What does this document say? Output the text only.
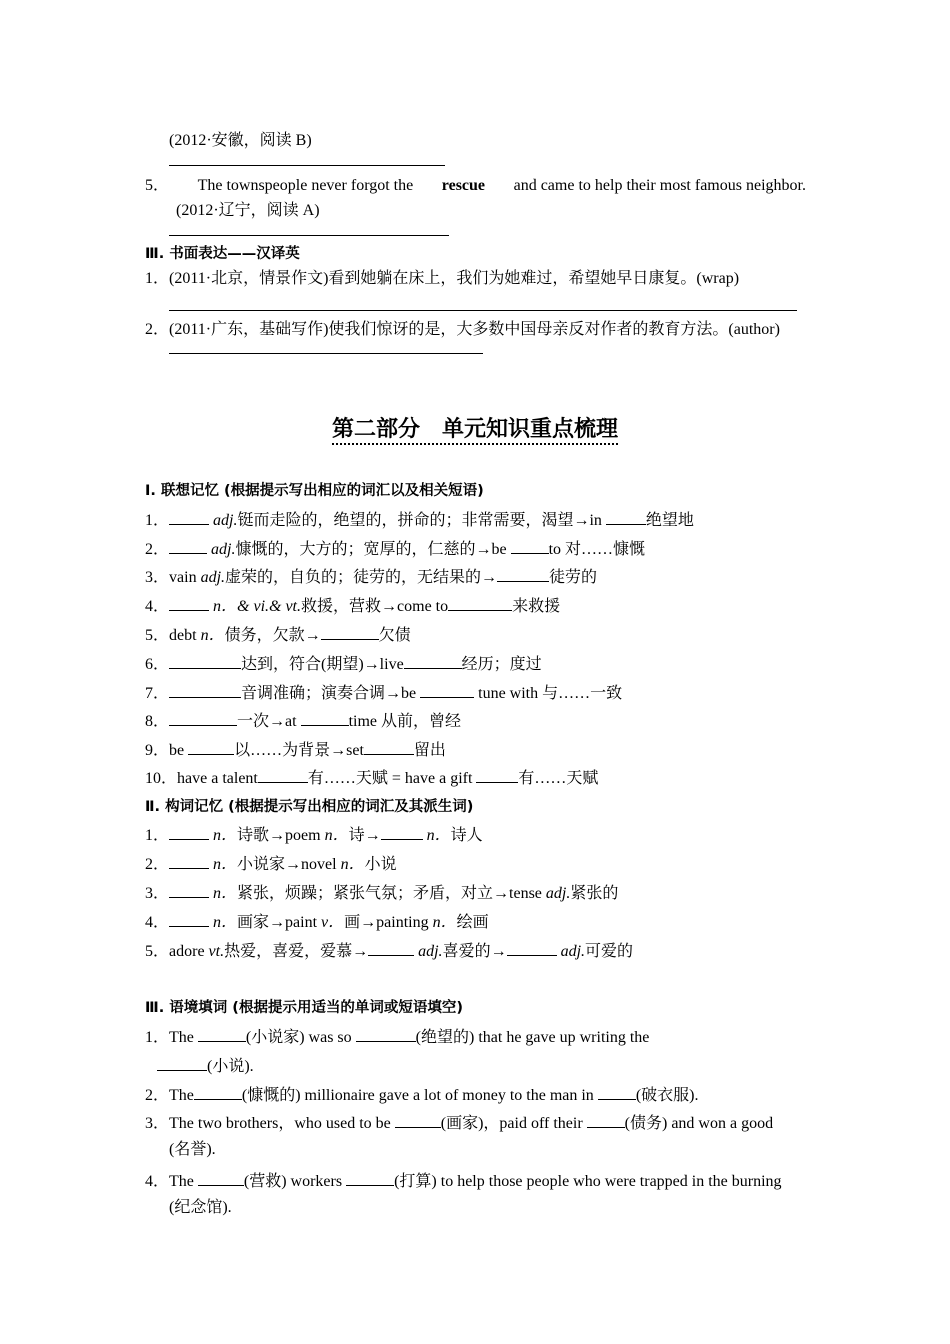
(2012·安徽，阅读 B)
5． The townspeople never forgot the rescue and came to help their most famous neighbor.
(2012·辽宁，阅读 A)
Ⅲ. 书面表达——汉译英
1．(2011·北京，情景作文)看到她躺在床上，我们为她难过，希望她早日康复。(wrap)
2．(2011·广东，基础写作)使我们惊讶的是，大多数中国母亲反对作者的教育方法。(author)
第二部分　单元知识重点梳理
Ⅰ. 联想记忆 (根据提示写出相应的词汇以及相关短语)
1．	adj.铤而走险的，绝望的，拼命的；非常需要，渴望→in	绝望地
2．	adj.慷慨的，大方的；宽厚的，仁慈的→be	to 对……慷慨
3．vain adj.虚荣的，自负的；徒劳的，无结果的→	徒劳的
4．	n．& vi.& vt.救援，营救→come to	来救援
5．debt n．债务，欠款→	欠债
6．	达到，符合(期望)→live	经历；度过
7．	音调准确；演奏合调→be	tune with 与……一致
8．	一次→at	time 从前，曾经
9．be	以……为背景→set	留出
10．have a talent	有……天赋 = have a gift	有……天赋
Ⅱ. 构词记忆 (根据提示写出相应的词汇及其派生词)
1．	n．诗歌→poem n．诗→	n．诗人
2．	n．小说家→novel n．小说
3．	n．紧张，烦躁；紧张气氛；矛盾，对立→tense adj.紧张的
4．	n．画家→paint v．画→painting n．绘画
5．adore vt.热爱，喜爱，爱慕→	adj.喜爱的→	adj.可爱的
Ⅲ. 语境填词 (根据提示用适当的单词或短语填空)
1．The	(小说家) was so	(绝望的) that he gave up writing the
(小说).
2．The	(慷慨的) millionaire gave a lot of money to the man in	(破衣服).
3．The two brothers，who used to be	(画家)，paid off their	(债务) and won a good
(名誉).
4．The	(营救) workers	(打算) to help those people who were trapped in the burning
(纪念馆).
